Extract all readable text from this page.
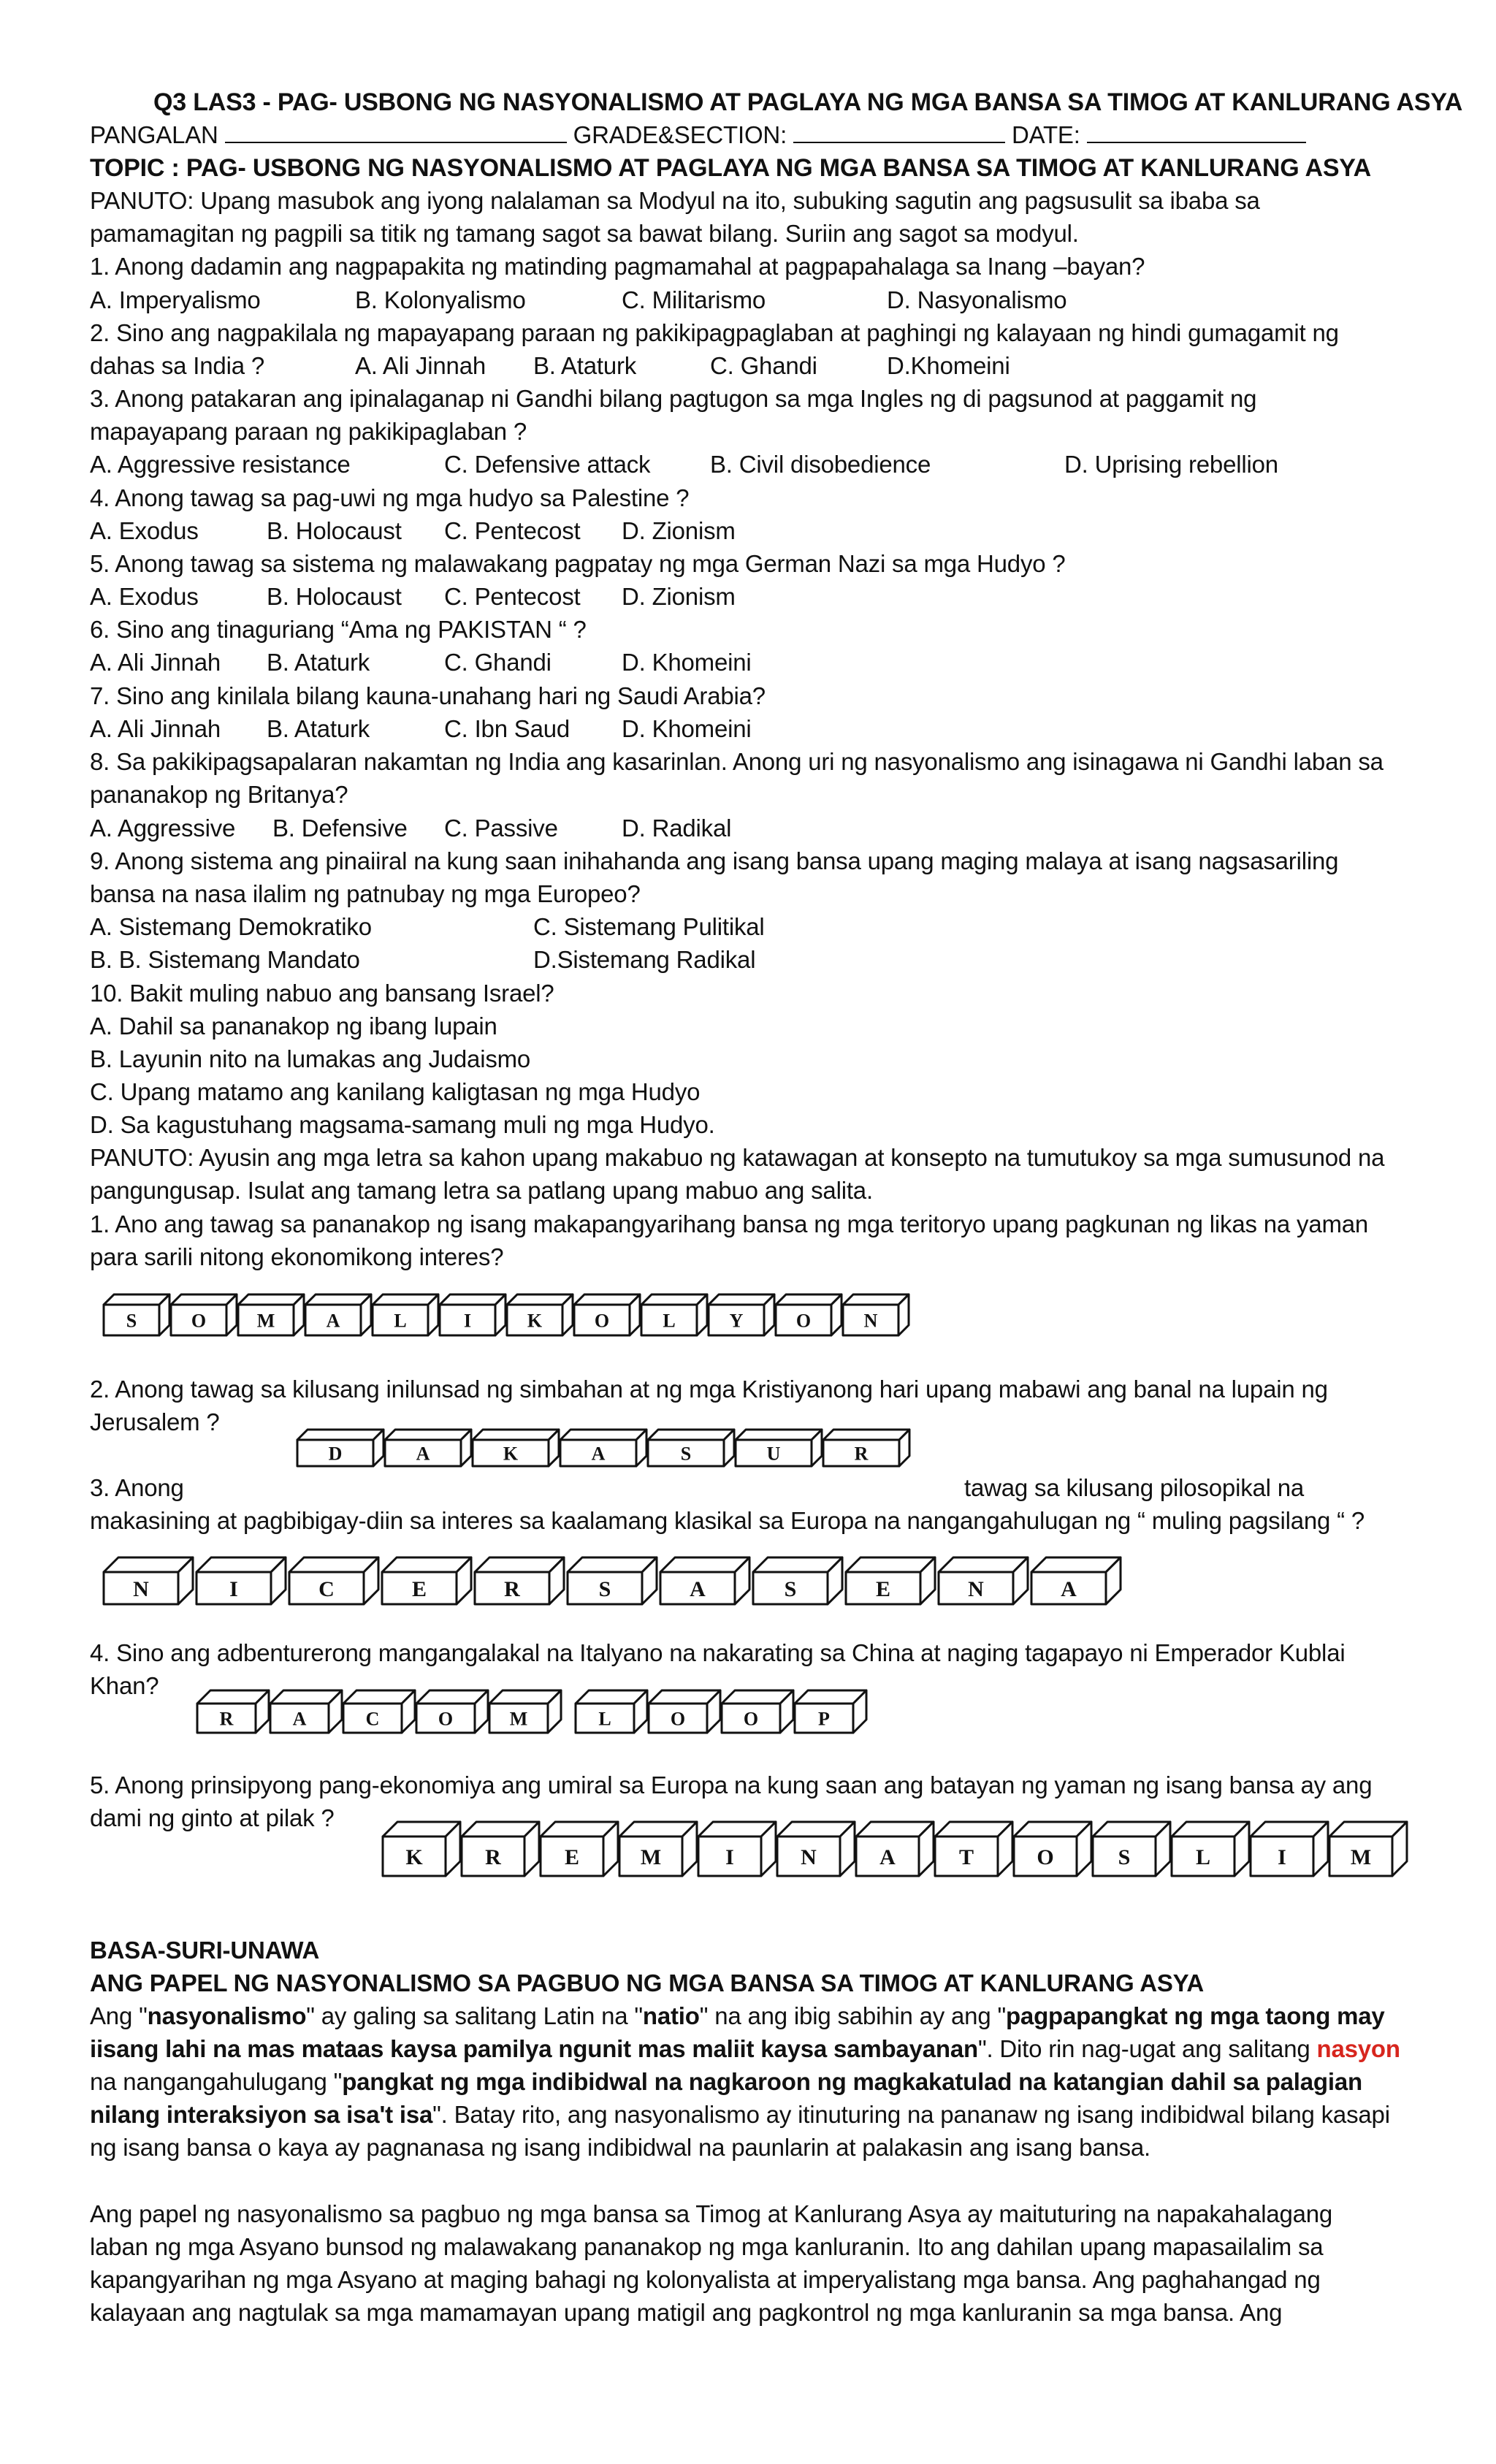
Q3 LAS3 - PAG- USBONG NG NASYONALISMO AT PAGLAYA NG MGA BANSA SA TIMOG AT KANLURANG ASYA
PANGALAN	GRADE&SECTION:	DATE:
TOPIC : PAG- USBONG NG NASYONALISMO AT PAGLAYA NG MGA BANSA SA TIMOG AT KANLURANG ASYA
PANUTO: Upang masubok ang iyong nalalaman sa Modyul na ito, subuking sagutin ang pagsusulit sa ibaba sa
pamamagitan ng pagpili sa titik ng tamang sagot sa bawat bilang. Suriin ang sagot sa modyul.
1. Anong dadamin ang nagpapakita ng matinding pagmamahal at pagpapahalaga sa Inang –bayan?
A. Imperyalismo	B. Kolonyalismo	C. Militarismo	D. Nasyonalismo
2. Sino ang nagpakilala ng mapayapang paraan ng pakikipagpaglaban at paghingi ng kalayaan ng hindi gumagamit ng
dahas sa India ?	A. Ali Jinnah B. Ataturk	C. Ghandi	D.Khomeini
3. Anong patakaran ang ipinalaganap ni Gandhi bilang pagtugon sa mga Ingles ng di pagsunod at paggamit ng
mapayapang paraan ng pakikipaglaban ?
A. Aggressive resistance	C. Defensive attack B. Civil disobedience	D. Uprising rebellion
4. Anong tawag sa pag-uwi ng mga hudyo sa Palestine ?
A. Exodus	B. Holocaust C. Pentecost D. Zionism
5. Anong tawag sa sistema ng malawakang pagpatay ng mga German Nazi sa mga Hudyo ?
A. Exodus	B. Holocaust C. Pentecost D. Zionism
6. Sino ang tinaguriang “Ama ng PAKISTAN “ ?
A. Ali Jinnah B. Ataturk	C. Ghandi	D. Khomeini
7. Sino ang kinilala bilang kauna-unahang hari ng Saudi Arabia?
A. Ali Jinnah B. Ataturk	C. Ibn Saud D. Khomeini
8. Sa pakikipagsapalaran nakamtan ng India ang kasarinlan. Anong uri ng nasyonalismo ang isinagawa ni Gandhi laban sa
pananakop ng Britanya?
A. Aggressive B. Defensive C. Passive	D. Radikal
9. Anong sistema ang pinaiiral na kung saan inihahanda ang isang bansa upang maging malaya at isang nagsasariling
bansa na nasa ilalim ng patnubay ng mga Europeo?
A. Sistemang Demokratiko	C. Sistemang Pulitikal
B. B. Sistemang Mandato	D.Sistemang Radikal
10. Bakit muling nabuo ang bansang Israel?
A. Dahil sa pananakop ng ibang lupain
B. Layunin nito na lumakas ang Judaismo
C. Upang matamo ang kanilang kaligtasan ng mga Hudyo
D. Sa kagustuhang magsama-samang muli ng mga Hudyo.
PANUTO: Ayusin ang mga letra sa kahon upang makabuo ng katawagan at konsepto na tumutukoy sa mga sumusunod na
pangungusap. Isulat ang tamang letra sa patlang upang mabuo ang salita.
1. Ano ang tawag sa pananakop ng isang makapangyarihang bansa ng mga teritoryo upang pagkunan ng likas na yaman
para sarili nitong ekonomikong interes?
S	O	M	A	L	I	K	O	L	Y	O	N
2. Anong tawag sa kilusang inilunsad ng simbahan at ng mga Kristiyanong hari upang mabawi ang banal na lupain ng
Jerusalem ?
D	A	K	A	S	U	R
3. Anong	tawag sa kilusang pilosopikal na
makasining at pagbibigay-diin sa interes sa kaalamang klasikal sa Europa na nangangahulugan ng “ muling pagsilang “ ?
N	I	C	E	R	S	A	S	E	N	A
4. Sino ang adbenturerong mangangalakal na Italyano na nakarating sa China at naging tagapayo ni Emperador Kublai
Khan?
R	A	C	O	M	L	O	O	P
5. Anong prinsipyong pang-ekonomiya ang umiral sa Europa na kung saan ang batayan ng yaman ng isang bansa ay ang
dami ng ginto at pilak ?
K	R	E	M	I	N	A	T	O	S	L	I	M
BASA-SURI-UNAWA
ANG PAPEL NG NASYONALISMO SA PAGBUO NG MGA BANSA SA TIMOG AT KANLURANG ASYA
Ang "nasyonalismo" ay galing sa salitang Latin na "natio" na ang ibig sabihin ay ang "pagpapangkat ng mga taong may
iisang lahi na mas mataas kaysa pamilya ngunit mas maliit kaysa sambayanan". Dito rin nag-ugat ang salitang nasyon
na nangangahulugang "pangkat ng mga indibidwal na nagkaroon ng magkakatulad na katangian dahil sa palagian
nilang interaksiyon sa isa't isa". Batay rito, ang nasyonalismo ay itinuturing na pananaw ng isang indibidwal bilang kasapi
ng isang bansa o kaya ay pagnanasa ng isang indibidwal na paunlarin at palakasin ang isang bansa.
Ang papel ng nasyonalismo sa pagbuo ng mga bansa sa Timog at Kanlurang Asya ay maituturing na napakahalagang
laban ng mga Asyano bunsod ng malawakang pananakop ng mga kanluranin. Ito ang dahilan upang mapasailalim sa
kapangyarihan ng mga Asyano at maging bahagi ng kolonyalista at imperyalistang mga bansa. Ang paghahangad ng
kalayaan ang nagtulak sa mga mamamayan upang matigil ang pagkontrol ng mga kanluranin sa mga bansa. Ang
